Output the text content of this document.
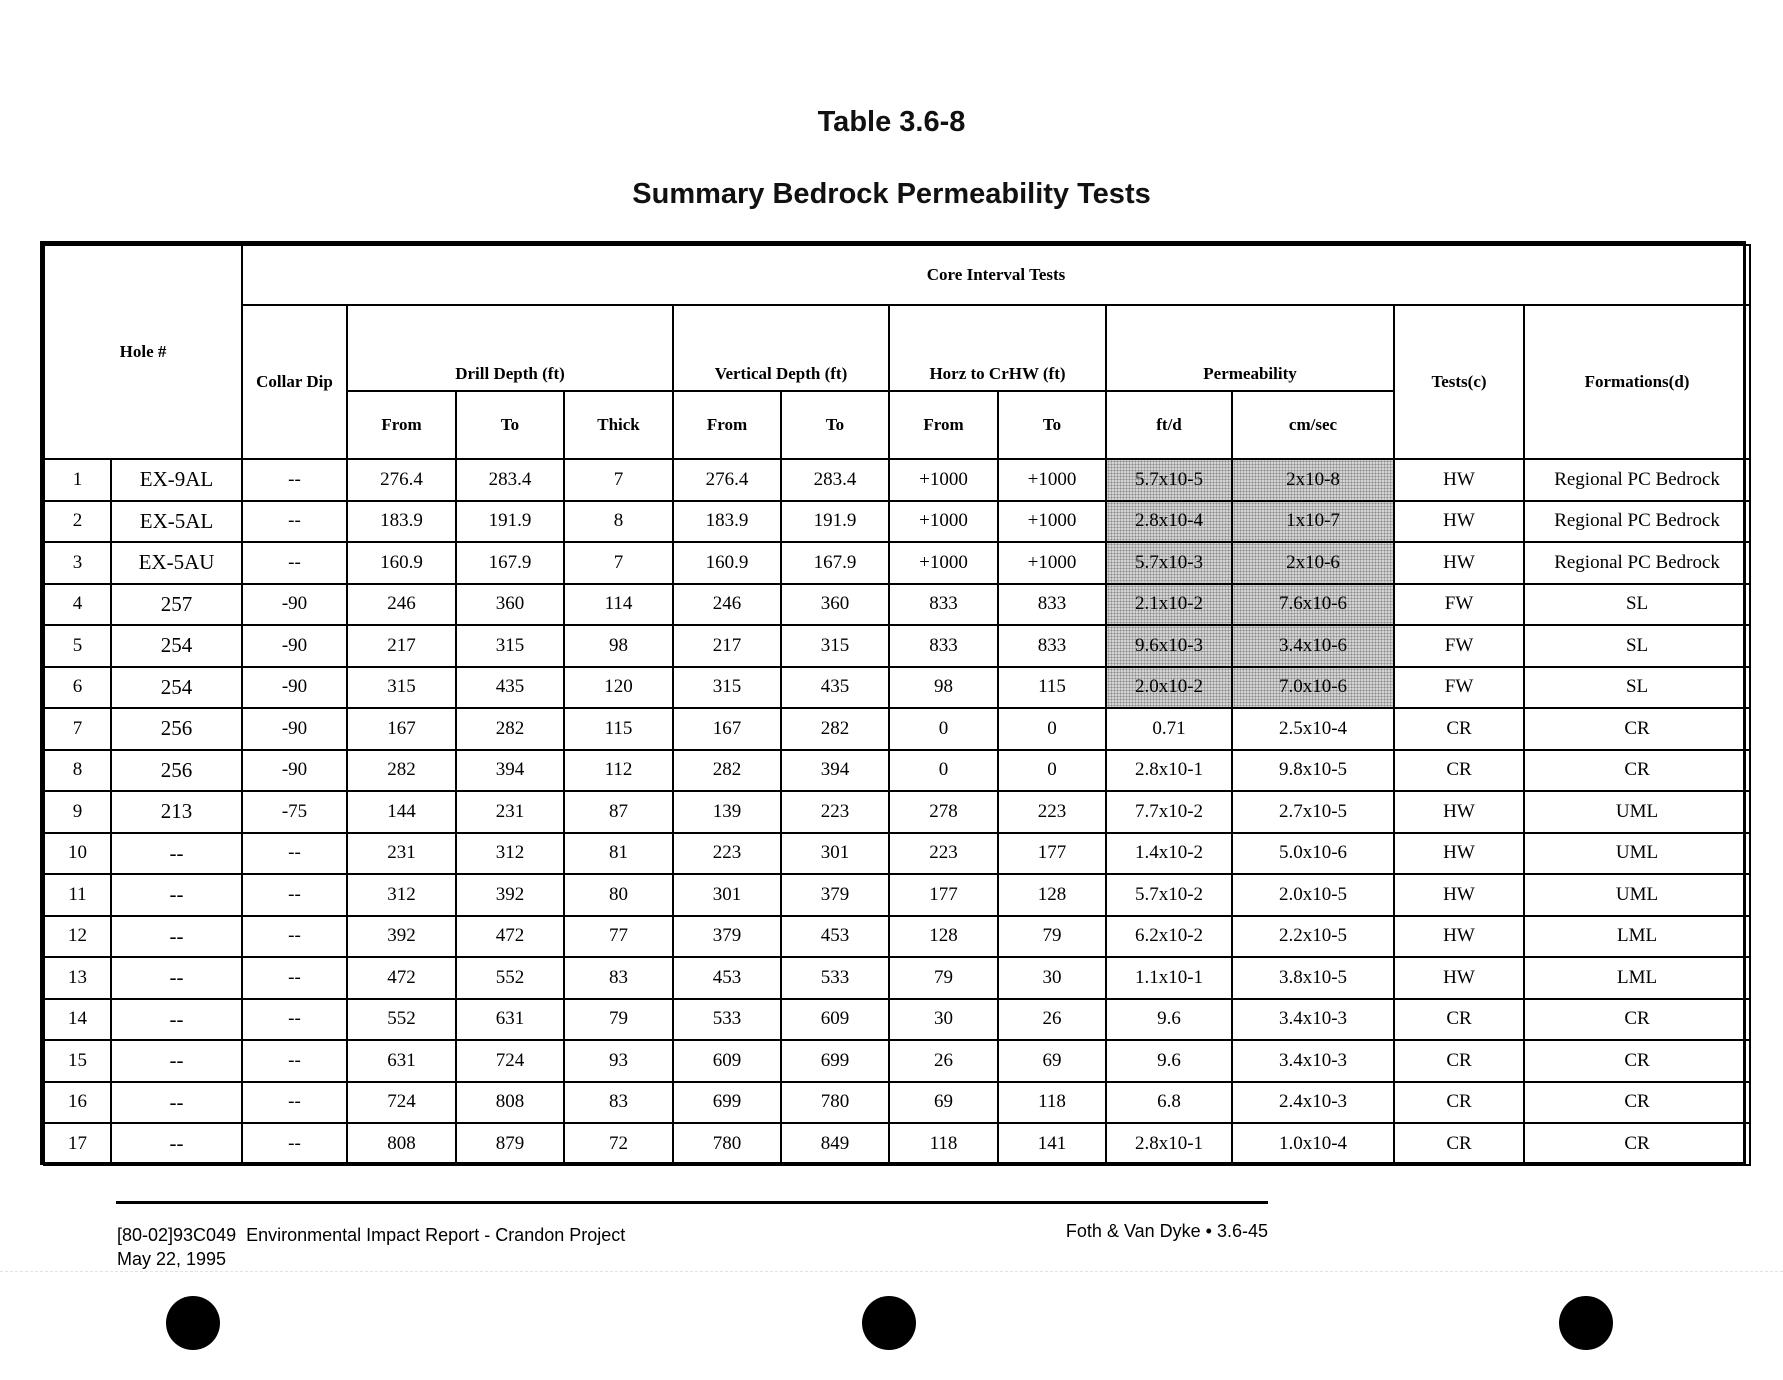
Table 3.6-8
Summary Bedrock Permeability Tests
Hole #		Core Interval Tests											
		Collar Dip	Drill Depth (ft)			Vertical Depth (ft)		Horz to CrHW (ft)		Permeability		Tests(c)	Formations(d)
			From	To	Thick	From	To	From	To	ft/d	cm/sec		
1	EX-9AL	--	276.4	283.4	7	276.4	283.4	+1000	+1000	5.7x10-5	2x10-8	HW	Regional PC Bedrock
2	EX-5AL	--	183.9	191.9	8	183.9	191.9	+1000	+1000	2.8x10-4	1x10-7	HW	Regional PC Bedrock
3	EX-5AU	--	160.9	167.9	7	160.9	167.9	+1000	+1000	5.7x10-3	2x10-6	HW	Regional PC Bedrock
4	257	-90	246	360	114	246	360	833	833	2.1x10-2	7.6x10-6	FW	SL
5	254	-90	217	315	98	217	315	833	833	9.6x10-3	3.4x10-6	FW	SL
6	254	-90	315	435	120	315	435	98	115	2.0x10-2	7.0x10-6	FW	SL
7	256	-90	167	282	115	167	282	0	0	0.71	2.5x10-4	CR	CR
8	256	-90	282	394	112	282	394	0	0	2.8x10-1	9.8x10-5	CR	CR
9	213	-75	144	231	87	139	223	278	223	7.7x10-2	2.7x10-5	HW	UML
10	--	--	231	312	81	223	301	223	177	1.4x10-2	5.0x10-6	HW	UML
11	--	--	312	392	80	301	379	177	128	5.7x10-2	2.0x10-5	HW	UML
12	--	--	392	472	77	379	453	128	79	6.2x10-2	2.2x10-5	HW	LML
13	--	--	472	552	83	453	533	79	30	1.1x10-1	3.8x10-5	HW	LML
14	--	--	552	631	79	533	609	30	26	9.6	3.4x10-3	CR	CR
15	--	--	631	724	93	609	699	26	69	9.6	3.4x10-3	CR	CR
16	--	--	724	808	83	699	780	69	118	6.8	2.4x10-3	CR	CR
17	--	--	808	879	72	780	849	118	141	2.8x10-1	1.0x10-4	CR	CR
[80-02]93C049  Environmental Impact Report - Crandon Project
May 22, 1995
Foth & Van Dyke • 3.6-45
